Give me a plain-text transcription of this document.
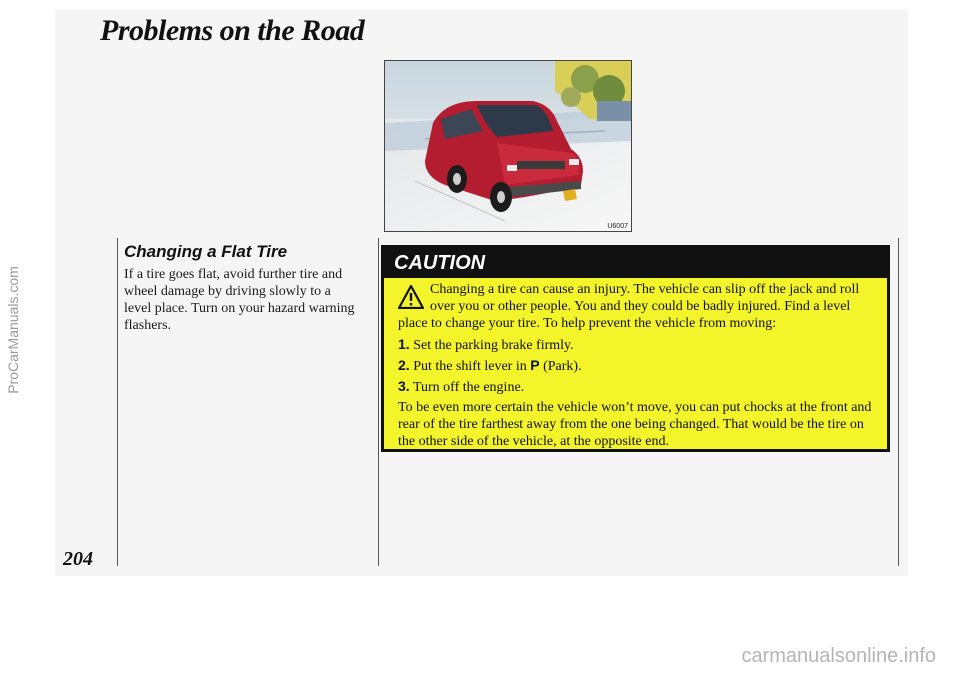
ProCarManuals.com
Problems on the Road
U6007
Changing a Flat Tire
If a tire goes flat, avoid further tire and wheel damage by driving slowly to a level place. Turn on your hazard warning flashers.
CAUTION

Changing a tire can cause an injury. The vehicle can slip off the jack and roll over you or other people. You and they could be badly injured. Find a level place to change your tire. To help prevent the vehicle from moving:

1. Set the parking brake firmly.
2. Put the shift lever in P (Park).
3. Turn off the engine.

To be even more certain the vehicle won’t move, you can put chocks at the front and rear of the tire farthest away from the one being changed. That would be the tire on the other side of the vehicle, at the opposite end.

204
carmanualsonline.info
